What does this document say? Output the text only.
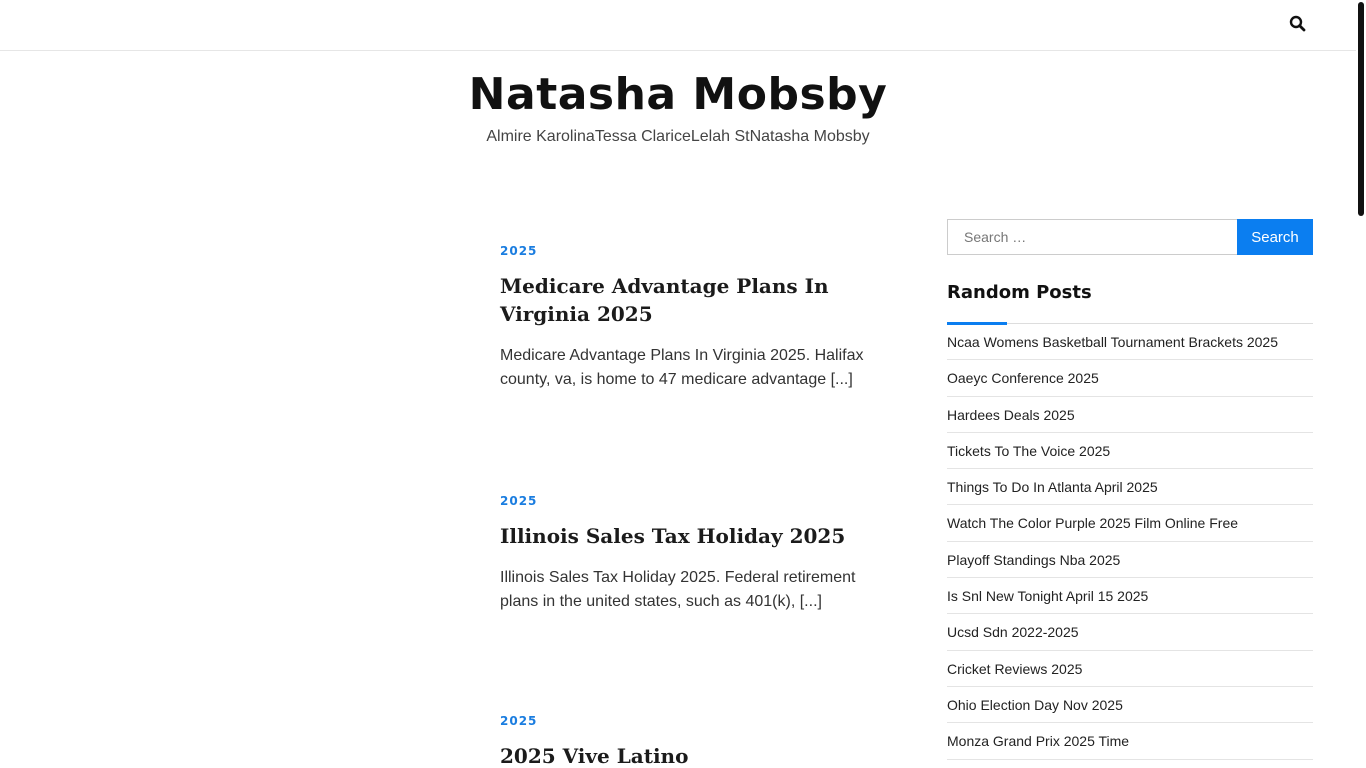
Natasha Mobsby
Almire KarolinaTessa ClariceLelah StNatasha Mobsby
2025
Medicare Advantage Plans In Virginia 2025

Medicare Advantage Plans In Virginia 2025. Halifax county, va, is home to 47 medicare advantage [...]

2025
Illinois Sales Tax Holiday 2025

Illinois Sales Tax Holiday 2025. Federal retirement plans in the united states, such as 401(k), [...]

2025
2025 Vive Latino
Search …
Search
Random Posts
Ncaa Womens Basketball Tournament Brackets 2025
Oaeyc Conference 2025
Hardees Deals 2025
Tickets To The Voice 2025
Things To Do In Atlanta April 2025
Watch The Color Purple 2025 Film Online Free
Playoff Standings Nba 2025
Is Snl New Tonight April 15 2025
Ucsd Sdn 2022-2025
Cricket Reviews 2025
Ohio Election Day Nov 2025
Monza Grand Prix 2025 Time
